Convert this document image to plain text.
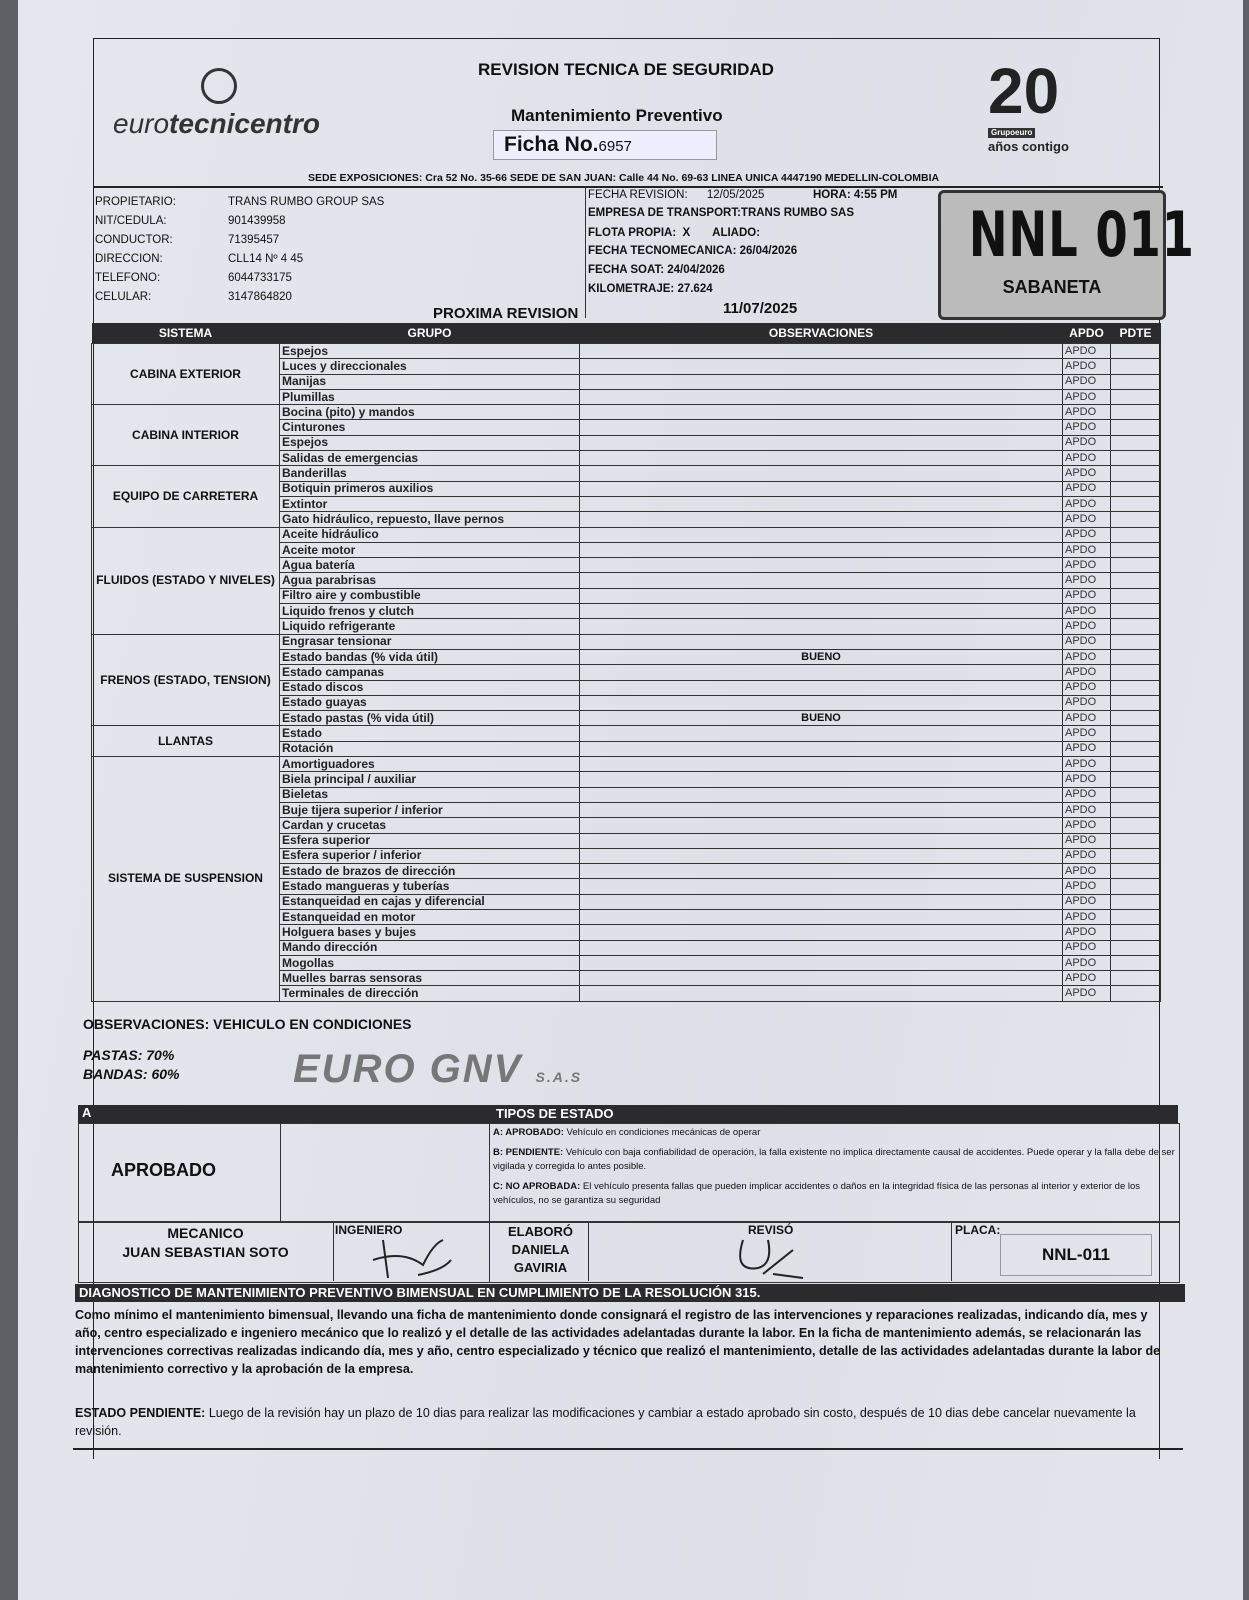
eurotecnicentro
REVISION TECNICA DE SEGURIDAD
Mantenimiento Preventivo
Ficha No.6957
20
Grupoeuro
años contigo
SEDE EXPOSICIONES: Cra 52 No. 35-66 SEDE DE SAN JUAN: Calle 44 No. 69-63 LINEA UNICA 4447190 MEDELLIN-COLOMBIA
PROPIETARIO:	TRANS RUMBO GROUP SAS
NIT/CEDULA:	901439958
CONDUCTOR:	71395457
DIRECCION:	CLL14 Nº 4 45
TELEFONO:	6044733175
CELULAR:	3147864820
FECHA REVISION:      12/05/2025	HORA: 4:55 PM
EMPRESA DE TRANSPORT:TRANS RUMBO SAS
FLOTA PROPIA:  X       ALIADO:
FECHA TECNOMECANICA: 26/04/2026
FECHA SOAT: 24/04/2026
KILOMETRAJE: 27.624
NNL 011
SABANETA
PROXIMA REVISION	11/07/2025
SISTEMA	GRUPO	OBSERVACIONES	APDO	PDTE
CABINA EXTERIOR	Espejos		APDO	
	Luces y direccionales		APDO	
	Manijas		APDO	
	Plumillas		APDO	
CABINA INTERIOR	Bocina (pito) y mandos		APDO	
	Cinturones		APDO	
	Espejos		APDO	
	Salidas de emergencias		APDO	
EQUIPO DE CARRETERA	Banderillas		APDO	
	Botiquin primeros auxilios		APDO	
	Extintor		APDO	
	Gato hidráulico, repuesto, llave pernos		APDO	
FLUIDOS (ESTADO Y NIVELES)	Aceite hidráulico		APDO	
	Aceite motor		APDO	
	Agua batería		APDO	
	Agua parabrisas		APDO	
	Filtro aire y combustible		APDO	
	Liquido frenos y clutch		APDO	
	Liquido refrigerante		APDO	
FRENOS (ESTADO, TENSION)	Engrasar tensionar		APDO	
	Estado bandas (% vida útil)	BUENO	APDO	
	Estado campanas		APDO	
	Estado discos		APDO	
	Estado guayas		APDO	
	Estado pastas (% vida útil)	BUENO	APDO	
LLANTAS	Estado		APDO	
	Rotación		APDO	
SISTEMA DE SUSPENSION	Amortiguadores		APDO	
	Biela principal / auxiliar		APDO	
	Bieletas		APDO	
	Buje tijera superior / inferior		APDO	
	Cardan y crucetas		APDO	
	Esfera superior		APDO	
	Esfera superior / inferior		APDO	
	Estado de brazos de dirección		APDO	
	Estado mangueras y tuberías		APDO	
	Estanqueidad en cajas y diferencial		APDO	
	Estanqueidad en motor		APDO	
	Holguera bases y bujes		APDO	
	Mando dirección		APDO	
	Mogollas		APDO	
	Muelles barras sensoras		APDO	
	Terminales de dirección		APDO	
OBSERVACIONES: VEHICULO EN CONDICIONES
PASTAS: 70%
BANDAS: 60%	EURO GNV S.A.S
A	TIPOS DE ESTADO
APROBADO
A: APROBADO: Vehículo en condiciones mecánicas de operar
B: PENDIENTE: Vehículo con baja confiabilidad de operación, la falla existente no implica directamente causal de accidentes. Puede operar y la falla debe de ser vigilada y corregida lo antes posible.
C: NO APROBADA: El vehículo presenta fallas que pueden implicar accidentes o daños en la integridad física de las personas al interior y exterior de los vehículos, no se garantiza su seguridad
MECANICO
JUAN SEBASTIAN SOTO
INGENIERO	ELABORÓ
DANIELA GAVIRIA
REVISÓ	PLACA:
NNL-011
DIAGNOSTICO DE MANTENIMIENTO PREVENTIVO BIMENSUAL EN CUMPLIMIENTO DE LA RESOLUCIÓN 315.
Como mínimo el mantenimiento bimensual, llevando una ficha de mantenimiento donde consignará el registro de las intervenciones y reparaciones realizadas, indicando día, mes y año, centro especializado e ingeniero mecánico que lo realizó y el detalle de las actividades adelantadas durante la labor. En la ficha de mantenimiento además, se relacionarán las intervenciones correctivas realizadas indicando día, mes y año, centro especializado y técnico que realizó el mantenimiento, detalle de las actividades adelantadas durante la labor de mantenimiento correctivo y la aprobación de la empresa.
ESTADO PENDIENTE: Luego de la revisión hay un plazo de 10 dias para realizar las modificaciones y cambiar a estado aprobado sin costo, después de 10 dias debe cancelar nuevamente la revisión.
